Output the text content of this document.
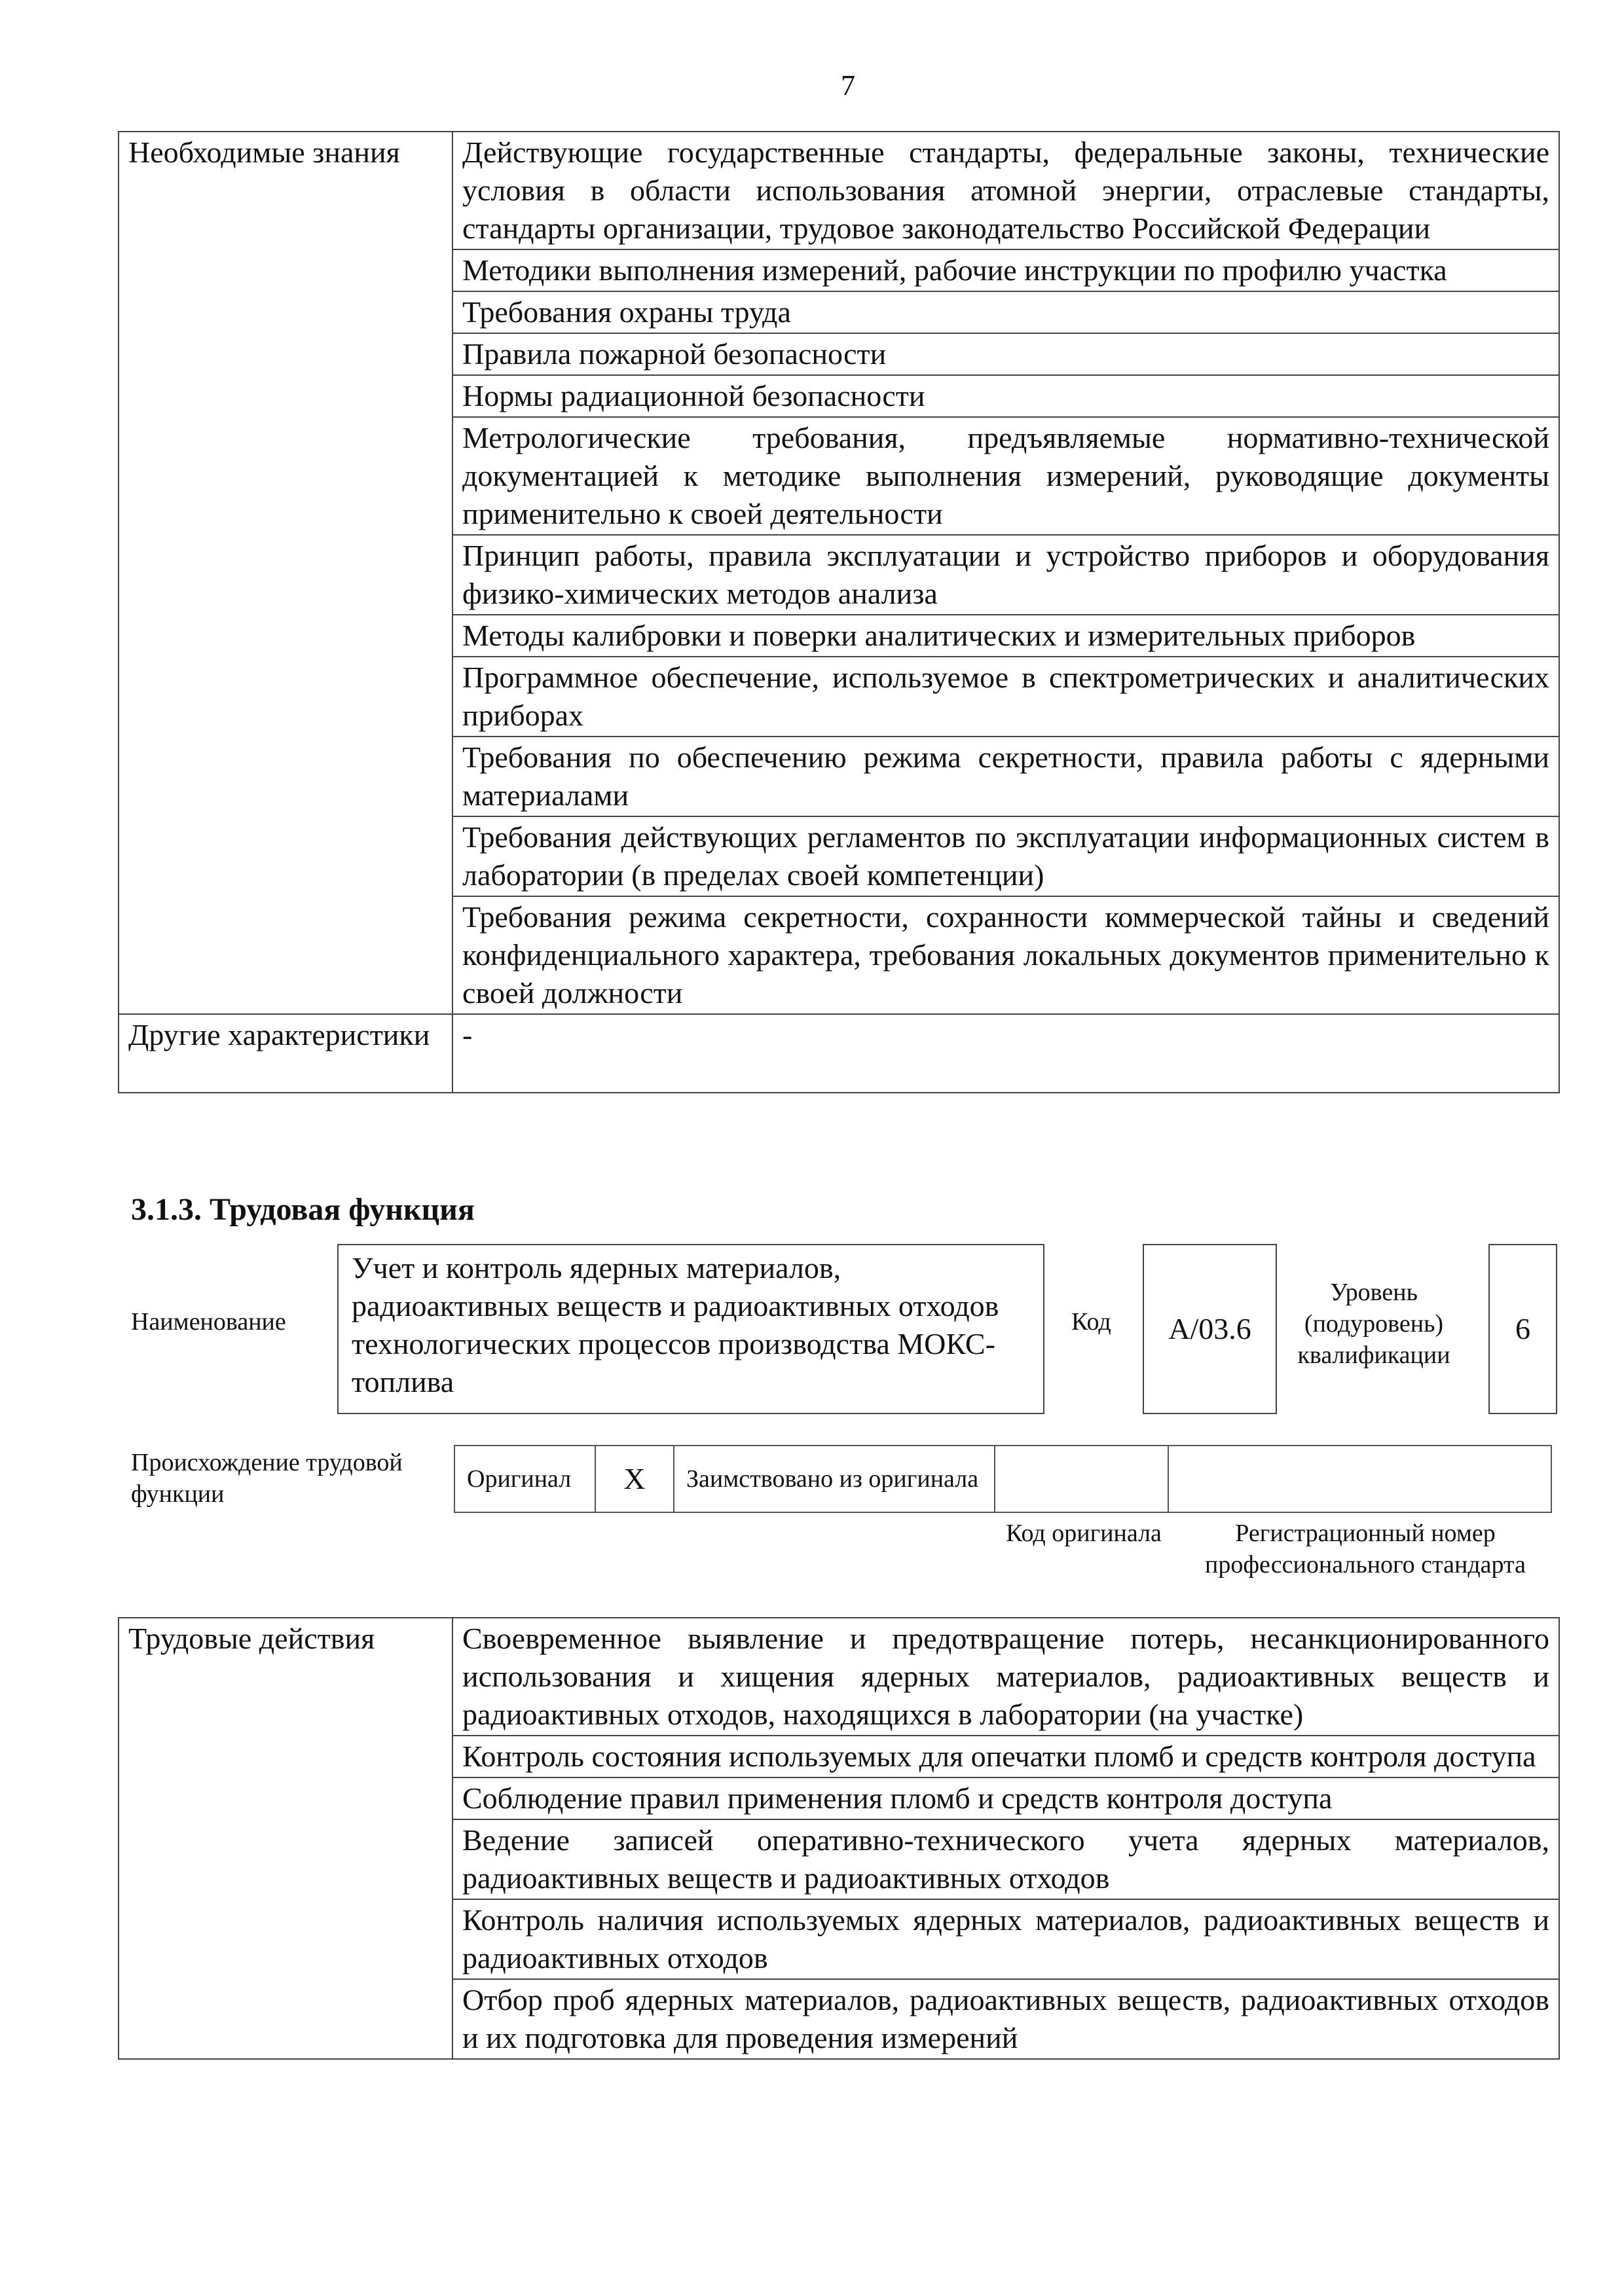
7
Необходимые знания	Действующие государственные стандарты, федеральные законы, технические условия в области использования атомной энергии, отраслевые стандарты, стандарты организации, трудовое законодательство Российской Федерации
	Методики выполнения измерений, рабочие инструкции по профилю участка
	Требования охраны труда
	Правила пожарной безопасности
	Нормы радиационной безопасности
	Метрологические требования, предъявляемые нормативно-технической документацией к методике выполнения измерений, руководящие документы применительно к своей деятельности
	Принцип работы, правила эксплуатации и устройство приборов и оборудования физико-химических методов анализа
	Методы калибровки и поверки аналитических и измерительных приборов
	Программное обеспечение, используемое в спектрометрических и аналитических приборах
	Требования по обеспечению режима секретности, правила работы с ядерными материалами
	Требования действующих регламентов по эксплуатации информационных систем в лаборатории (в пределах своей компетенции)
	Требования режима секретности, сохранности коммерческой тайны и сведений конфиденциального характера, требования локальных документов применительно к своей должности
Другие характеристики	-
3.1.3. Трудовая функция
Наименование
Учет и контроль ядерных материалов, радиоактивных веществ и радиоактивных отходов технологических процессов производства МОКС-топлива
Код	А/03.6
Уровень (подуровень) квалификации
6
Происхождение трудовой функции
Оригинал	X	Заимствовано из оригинала		
Код оригинала	Регистрационный номер профессионального стандарта
Трудовые действия	Своевременное выявление и предотвращение потерь, несанкционированного использования и хищения ядерных материалов, радиоактивных веществ и радиоактивных отходов, находящихся в лаборатории (на участке)
Контроль состояния используемых для опечатки пломб и средств контроля доступа
Соблюдение правил применения пломб и средств контроля доступа
Ведение записей оперативно-технического учета ядерных материалов, радиоактивных веществ и радиоактивных отходов
Контроль наличия используемых ядерных материалов, радиоактивных веществ и радиоактивных отходов
Отбор проб ядерных материалов, радиоактивных веществ, радиоактивных отходов и их подготовка для проведения измерений
